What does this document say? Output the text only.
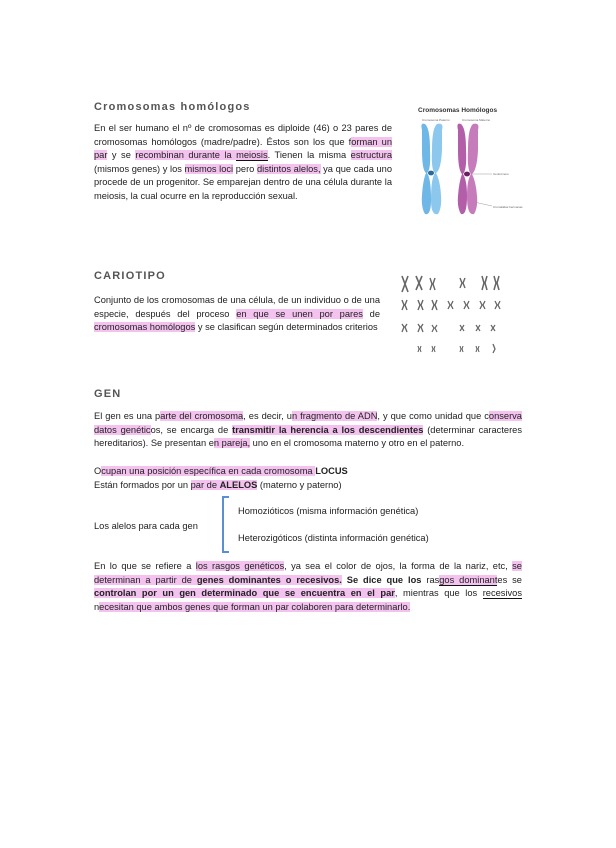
Cromosomas homólogos
En el ser humano el nº de cromosomas es diploide (46) o 23 pares de cromosomas homólogos (madre/padre). Éstos son los que forman un par y se recombinan durante la meiosis. Tienen la misma estructura (mismos genes) y los mismos loci pero distintos alelos, ya que cada uno procede de un progenitor. Se emparejan dentro de una célula durante la meiosis, la cual ocurre en la reproducción sexual.
Cromosomas Homólogos
Cromosoma Paterno	Cromosoma Materno
Centrómero
Cromátidas hermanas
CARIOTIPO
Conjunto de los cromosomas de una célula, de un individuo o de una especie, después del proceso en que se unen por pares de cromosomas homólogos y se clasifican según determinados criterios
GEN
El gen es una parte del cromosoma, es decir, un fragmento de ADN, y que como unidad que conserva datos genéticos, se encarga de transmitir la herencia a los descendientes (determinar caracteres hereditarios). Se presentan en pareja, uno en el cromosoma materno y otro en el paterno.
Ocupan una posición específica en cada cromosoma LOCUS
Están formados por un par de ALELOS (materno y paterno)
Los alelos para cada gen
Homozióticos (misma información genética)
Heterozigóticos (distinta información genética)
En lo que se refiere a los rasgos genéticos, ya sea el color de ojos, la forma de la nariz, etc, se determinan a partir de genes dominantes o recesivos. Se dice que los rasgos dominantes se controlan por un gen determinado que se encuentra en el par, mientras que los recesivos necesitan que ambos genes que forman un par colaboren para determinarlo.
